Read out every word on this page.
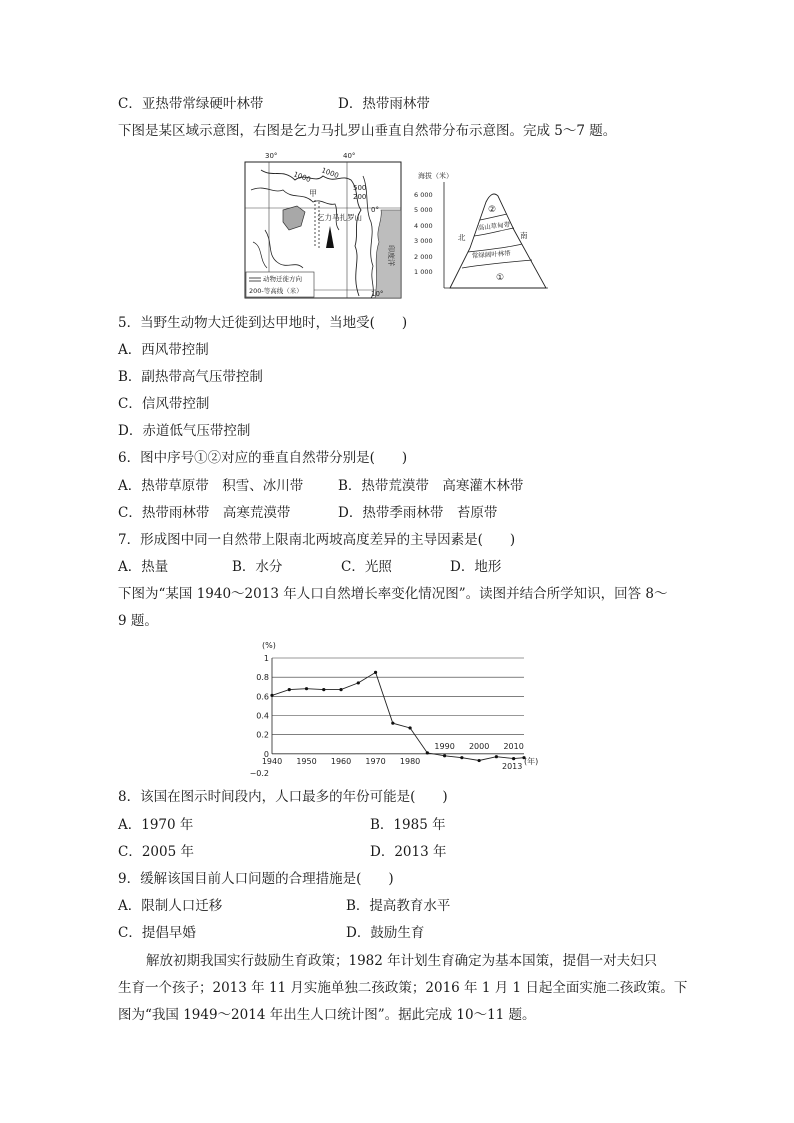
C．亚热带常绿硬叶林带	D．热带雨林带
下图是某区域示意图，右图是乞力马扎罗山垂直自然带分布示意图。完成 5～7 题。
30°	40°
印度洋
1000 1000
500
200
0°
10°
甲
乞力马扎罗山
动物迁徙方向
200-等高线（米）
海拔（米）
6 000
5 000
4 000
3 000
2 000
1 000
②
高山草甸带
常绿阔叶林带
①
北	南
5．当野生动物大迁徙到达甲地时，当地受(　　)
A．西风带控制
B．副热带高气压带控制
C．信风带控制
D．赤道低气压带控制
6．图中序号①②对应的垂直自然带分别是(　　)
A．热带草原带　积雪、冰川带	B．热带荒漠带　高寒灌木林带
C．热带雨林带　高寒荒漠带	D．热带季雨林带　苔原带
7．形成图中同一自然带上限南北两坡高度差异的主导因素是(　　)
A．热量	B．水分	C．光照	D．地形
下图为“某国 1940～2013 年人口自然增长率变化情况图”。读图并结合所学知识，回答 8～
9 题。
(%)
1
0.8
0.6
0.4
0.2
0
−0.2
1940 1950 1960 1970 1980
1990 2000 2010
2013
(年)
8．该国在图示时间段内，人口最多的年份可能是(　　)
A．1970 年	B．1985 年
C．2005 年	D．2013 年
9．缓解该国目前人口问题的合理措施是(　　)
A．限制人口迁移	B．提高教育水平
C．提倡早婚	D．鼓励生育
解放初期我国实行鼓励生育政策；1982 年计划生育确定为基本国策，提倡一对夫妇只
生育一个孩子；2013 年 11 月实施单独二孩政策；2016 年 1 月 1 日起全面实施二孩政策。下
图为“我国 1949～2014 年出生人口统计图”。据此完成 10～11 题。
